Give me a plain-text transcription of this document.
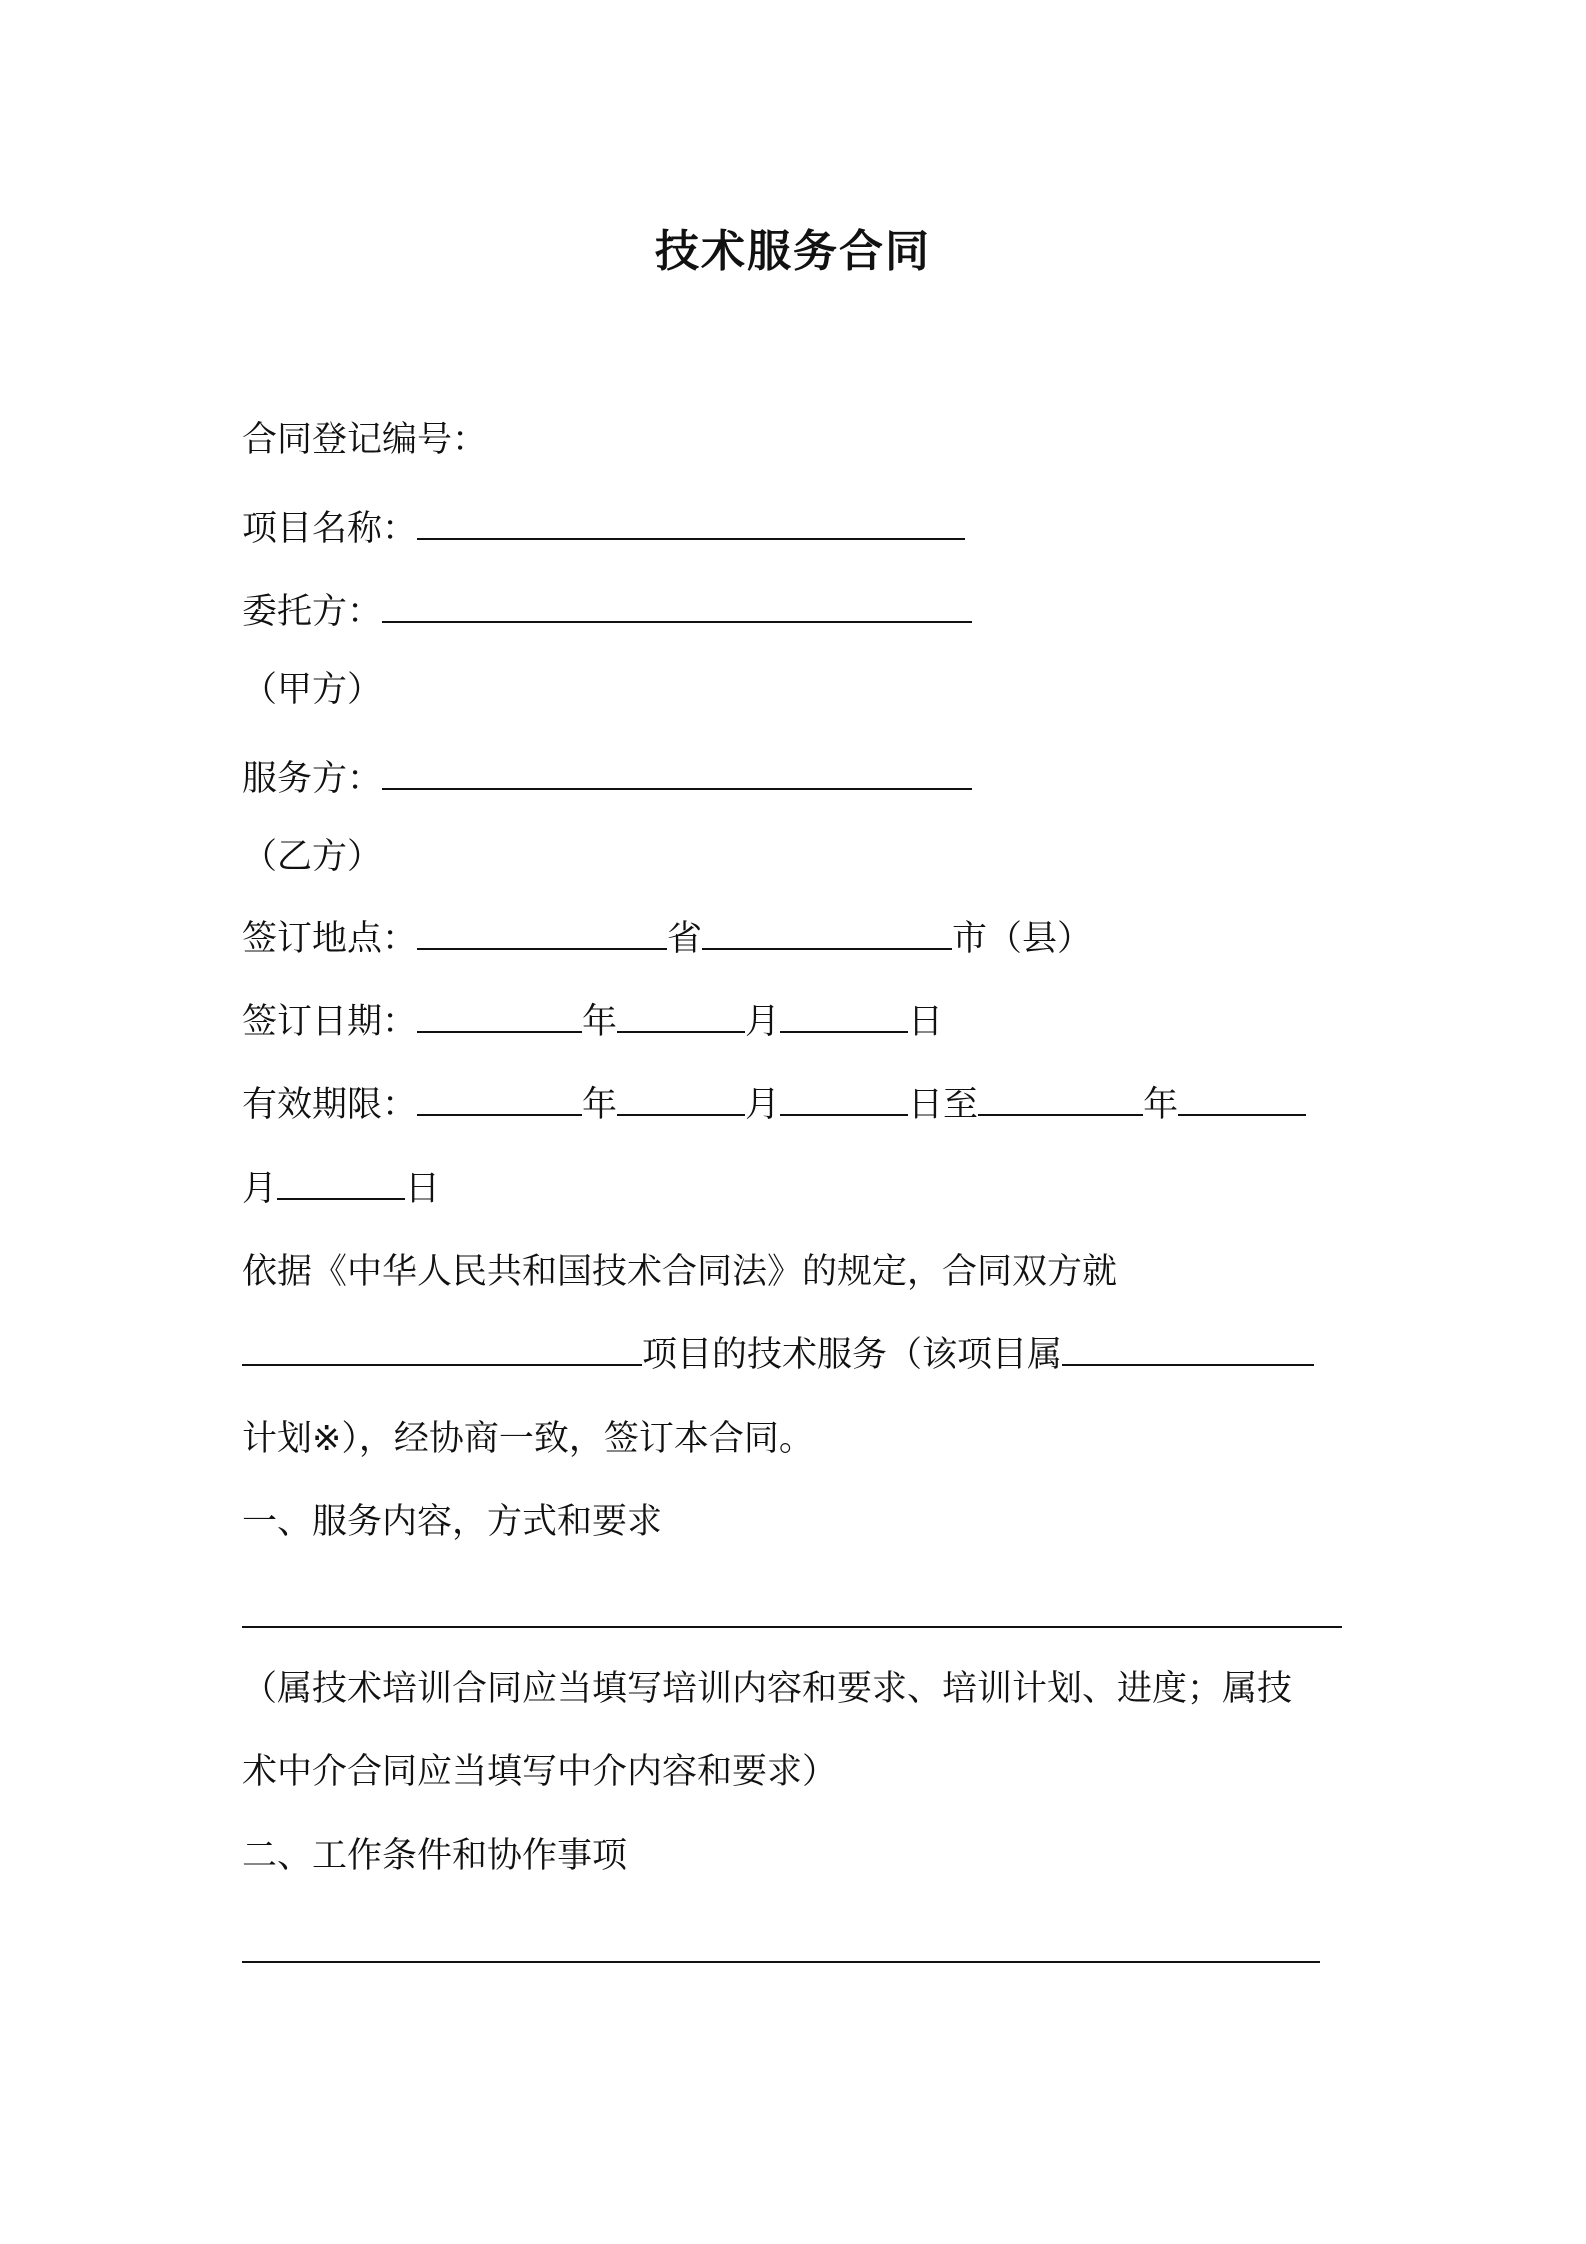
技术服务合同
合同登记编号：
项目名称：
委托方：
（甲方）
服务方：
（乙方）
签订地点：	省	市（县）
签订日期：	年	月	日
有效期限：	年	月	日至	年
月	日
依据《中华人民共和国技术合同法》的规定，合同双方就
项目的技术服务（该项目属
计划※），经协商一致，签订本合同。
一、服务内容，方式和要求
（属技术培训合同应当填写培训内容和要求、培训计划、进度；属技
术中介合同应当填写中介内容和要求）
二、工作条件和协作事项
